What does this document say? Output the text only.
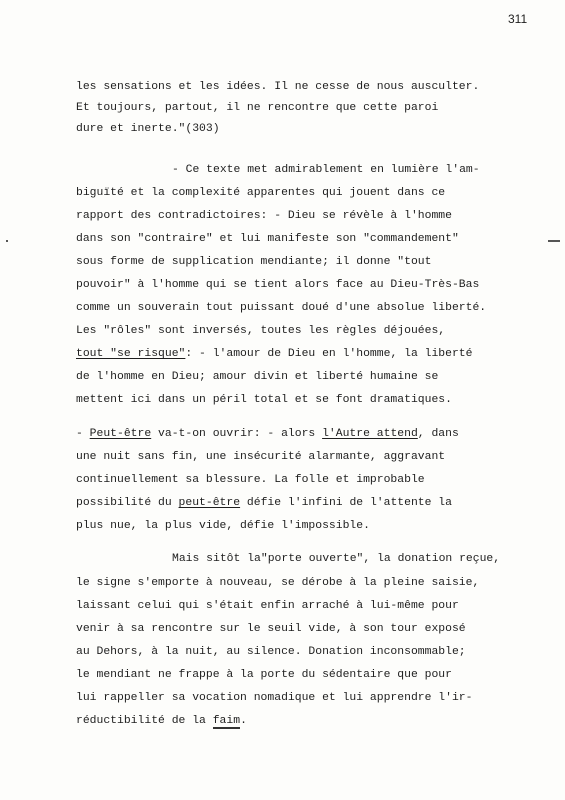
311
les sensations et les idées. Il ne cesse de nous ausculter.
Et toujours, partout, il ne rencontre que cette paroi
dure et inerte."(303)
- Ce texte met admirablement en lumière l'am-
biguïté et la complexité apparentes qui jouent dans ce
rapport des contradictoires: - Dieu se révèle à l'homme
dans son "contraire" et lui manifeste son "commandement"
sous forme de supplication mendiante; il donne "tout
pouvoir" à l'homme qui se tient alors face au Dieu-Très-Bas
comme un souverain tout puissant doué d'une absolue liberté.
Les "rôles" sont inversés, toutes les règles déjouées,
tout "se risque": - l'amour de Dieu en l'homme, la liberté
de l'homme en Dieu; amour divin et liberté humaine se
mettent ici dans un péril total et se font dramatiques.
- Peut-être va-t-on ouvrir: - alors l'Autre attend, dans
une nuit sans fin, une insécurité alarmante, aggravant
continuellement sa blessure. La folle et improbable
possibilité du peut-être défie l'infini de l'attente la
plus nue, la plus vide, défie l'impossible.
Mais sitôt la"porte ouverte", la donation reçue,
le signe s'emporte à nouveau, se dérobe à la pleine saisie,
laissant celui qui s'était enfin arraché à lui-même pour
venir à sa rencontre sur le seuil vide, à son tour exposé
au Dehors, à la nuit, au silence. Donation inconsommable;
le mendiant ne frappe à la porte du sédentaire que pour
lui rappeller sa vocation nomadique et lui apprendre l'ir-
réductibilité de la faim.
